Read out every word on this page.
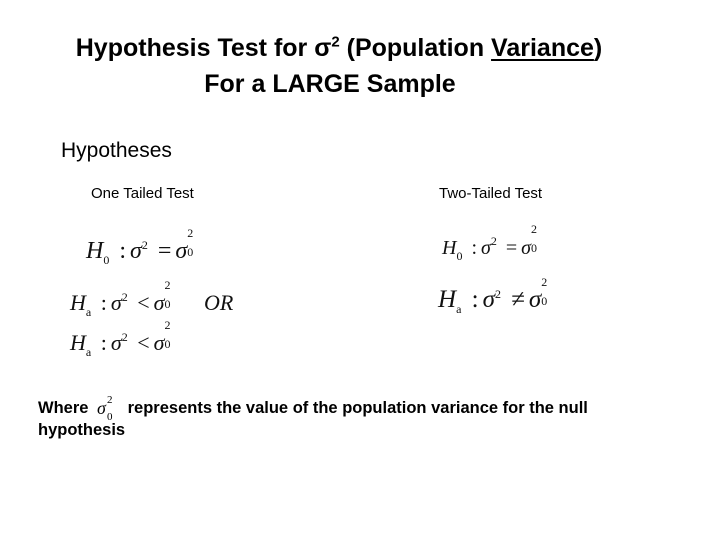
Hypothesis Test for $\sigma^2$ (Population Variance)
For a LARGE Sample
Hypotheses
One Tailed Test	Two-Tailed Test
$H_0$ : $\sigma^2 = \sigma$
2
0
$H_a$ : $\sigma^2 < \sigma$
2
0 OR
$H_a$ : $\sigma^2 < \sigma$
2
0
$H_0$ : $\sigma^2 = \sigma$
2
0
$H_a$ : $\sigma^2 \ne \sigma$
2
0
Where σ 2
0 represents the value of the population variance for the null hypothesis
